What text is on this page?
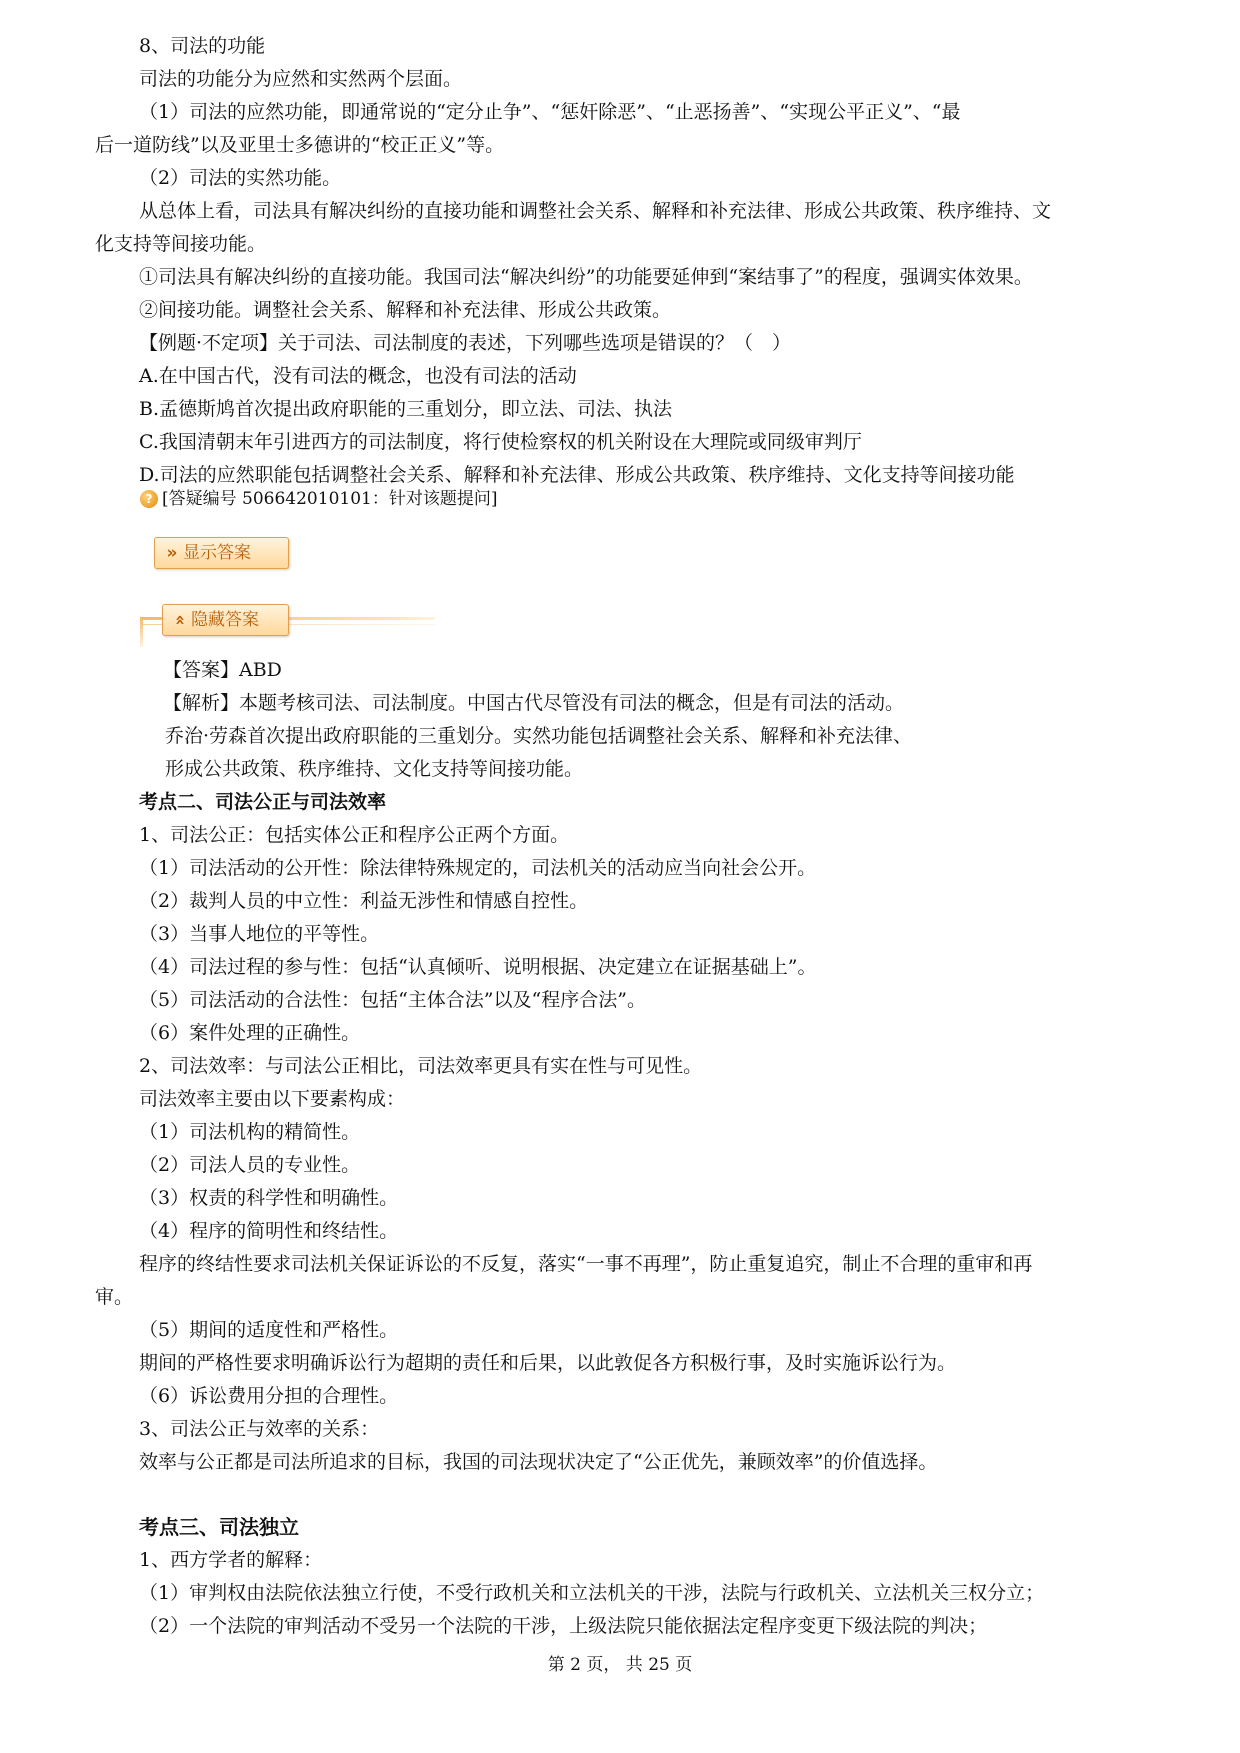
8、司法的功能
司法的功能分为应然和实然两个层面。
（1）司法的应然功能，即通常说的“定分止争”、“惩奸除恶”、“止恶扬善”、“实现公平正义”、“最
后一道防线”以及亚里士多德讲的“校正正义”等。
（2）司法的实然功能。
从总体上看，司法具有解决纠纷的直接功能和调整社会关系、解释和补充法律、形成公共政策、秩序维持、文
化支持等间接功能。
①司法具有解决纠纷的直接功能。我国司法“解决纠纷”的功能要延伸到“案结事了”的程度，强调实体效果。
②间接功能。调整社会关系、解释和补充法律、形成公共政策。
【例题·不定项】关于司法、司法制度的表述，下列哪些选项是错误的？（　）
A.在中国古代，没有司法的概念，也没有司法的活动
B.孟德斯鸠首次提出政府职能的三重划分，即立法、司法、执法
C.我国清朝末年引进西方的司法制度，将行使检察权的机关附设在大理院或同级审判厅
D.司法的应然职能包括调整社会关系、解释和补充法律、形成公共政策、秩序维持、文化支持等间接功能
? [答疑编号 506642010101：针对该题提问]
» 显示答案
«隐藏答案
【答案】ABD
【解析】本题考核司法、司法制度。中国古代尽管没有司法的概念，但是有司法的活动。
乔治·劳森首次提出政府职能的三重划分。实然功能包括调整社会关系、解释和补充法律、
形成公共政策、秩序维持、文化支持等间接功能。
考点二、司法公正与司法效率
1、司法公正：包括实体公正和程序公正两个方面。
（1）司法活动的公开性：除法律特殊规定的，司法机关的活动应当向社会公开。
（2）裁判人员的中立性：利益无涉性和情感自控性。
（3）当事人地位的平等性。
（4）司法过程的参与性：包括“认真倾听、说明根据、决定建立在证据基础上”。
（5）司法活动的合法性：包括“主体合法”以及“程序合法”。
（6）案件处理的正确性。
2、司法效率：与司法公正相比，司法效率更具有实在性与可见性。
司法效率主要由以下要素构成：
（1）司法机构的精简性。
（2）司法人员的专业性。
（3）权责的科学性和明确性。
（4）程序的简明性和终结性。
程序的终结性要求司法机关保证诉讼的不反复，落实“一事不再理”，防止重复追究，制止不合理的重审和再
审。
（5）期间的适度性和严格性。
期间的严格性要求明确诉讼行为超期的责任和后果，以此敦促各方积极行事，及时实施诉讼行为。
（6）诉讼费用分担的合理性。
3、司法公正与效率的关系：
效率与公正都是司法所追求的目标，我国的司法现状决定了“公正优先，兼顾效率”的价值选择。
考点三、司法独立
1、西方学者的解释：
（1）审判权由法院依法独立行使，不受行政机关和立法机关的干涉，法院与行政机关、立法机关三权分立；
（2）一个法院的审判活动不受另一个法院的干涉，上级法院只能依据法定程序变更下级法院的判决；
第 2 页， 共 25 页
